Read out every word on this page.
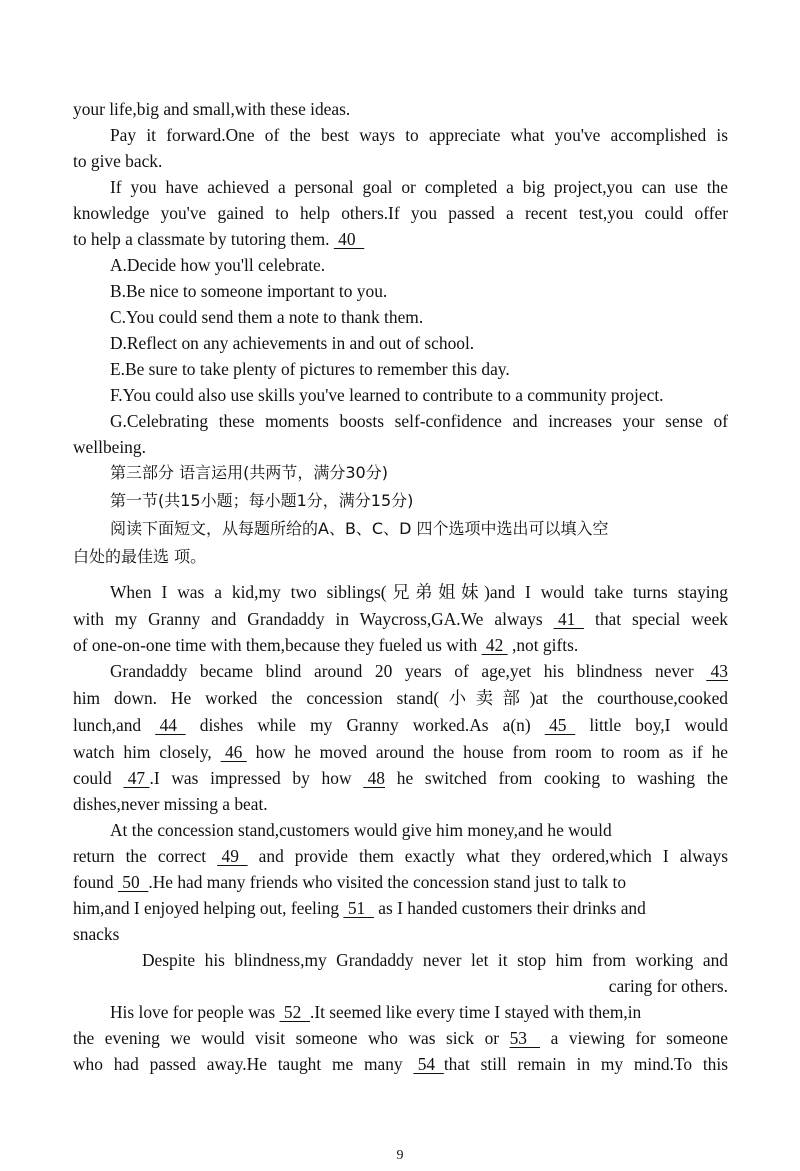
your life,big and small,with these ideas.
Pay it forward.One of the best ways to appreciate what you've accomplished is
to give back.
If you have achieved a personal goal or completed a big project,you can use the
knowledge you've gained to help others.If you passed a recent test,you could offer
to help a classmate by tutoring them.  40
A.Decide how you'll celebrate.
B.Be nice to someone important to you.
C.You could send them a note to thank them.
D.Reflect on any achievements in and out of school.
E.Be sure to take plenty of pictures to remember this day.
F.You could also use skills you've learned to contribute to a community project.
G.Celebrating these moments boosts self-confidence and increases your sense of
wellbeing.
第三部分 语言运用(共两节，满分30分)
第一节(共15小题；每小题1分，满分15分)
阅读下面短文，从每题所给的A、B、C、D 四个选项中选出可以填入空
白处的最佳选 项。
When I was a kid,my two siblings(兄弟姐妹)and I would take turns staying
with my Granny and Grandaddy in Waycross,GA.We always  41   that special week
of one-on-one time with them,because they fueled us with  42  ,not gifts.
Grandaddy became blind around 20 years of age,yet his blindness never  43
him down. He worked the concession stand(小卖部)at the courthouse,cooked
lunch,and  44   dishes while my Granny worked.As a(n)  45   little boy,I would
watch him closely,  46  how he moved around the house from room to room as if he
could  47 .I was impressed by how  48 he switched from cooking to washing the
dishes,never missing a beat.
At the concession stand,customers would give him money,and he would
return the correct  49   and provide them exactly what they ordered,which I always
found  50  .He had many friends who visited the concession stand just to talk to
him,and I enjoyed helping out, feeling  51   as I handed customers their drinks and
snacks
Despite his blindness,my Grandaddy never let it stop him from working and
caring for others.
His love for people was  52  .It seemed like every time I stayed with them,in
the evening we would visit someone who was sick or 53    a viewing for someone
who had passed away.He taught me many  54  that still remain in my mind.To this
9
